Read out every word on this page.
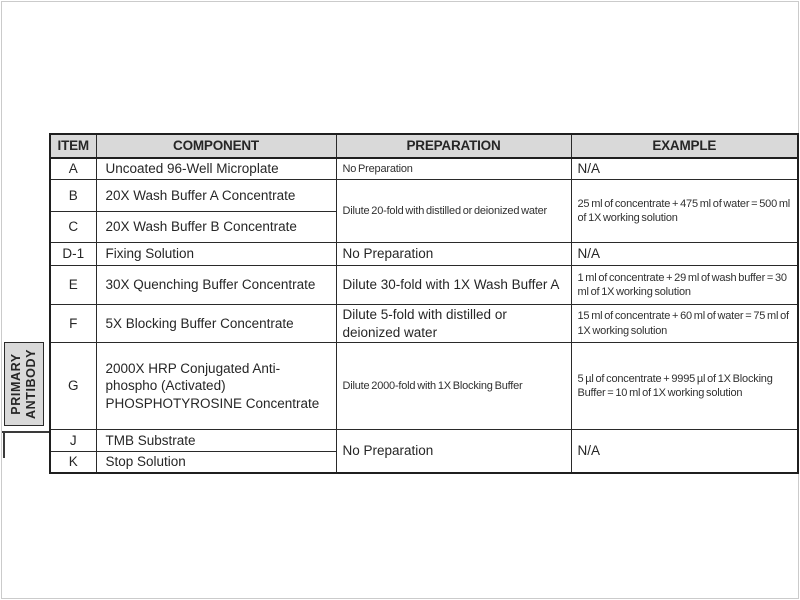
PRIMARY ANTIBODY
ITEM	COMPONENT	PREPARATION	EXAMPLE
A	Uncoated 96-Well Microplate	No Preparation	N/A
B	20X Wash Buffer A Concentrate	Dilute 20-fold with distilled or deionized water	25 ml of concentrate + 475 ml of water = 500 ml of 1X working solution
C	20X Wash Buffer B Concentrate		
D-1	Fixing Solution	No Preparation	N/A
E	30X Quenching Buffer Concentrate	Dilute 30-fold with 1X Wash Buffer A	1 ml of concentrate + 29 ml of wash buffer = 30 ml of 1X working solution
F	5X Blocking Buffer Concentrate	Dilute 5-fold with distilled or deionized water	15 ml of concentrate + 60 ml of water = 75 ml of 1X working solution
G	2000X HRP Conjugated Anti-phospho (Activated) PHOSPHOTYROSINE Concentrate	Dilute 2000-fold with 1X Blocking Buffer	5 µl of concentrate + 9995 µl of 1X Blocking Buffer = 10 ml of 1X working solution
J	TMB Substrate	No Preparation	N/A
K	Stop Solution		
